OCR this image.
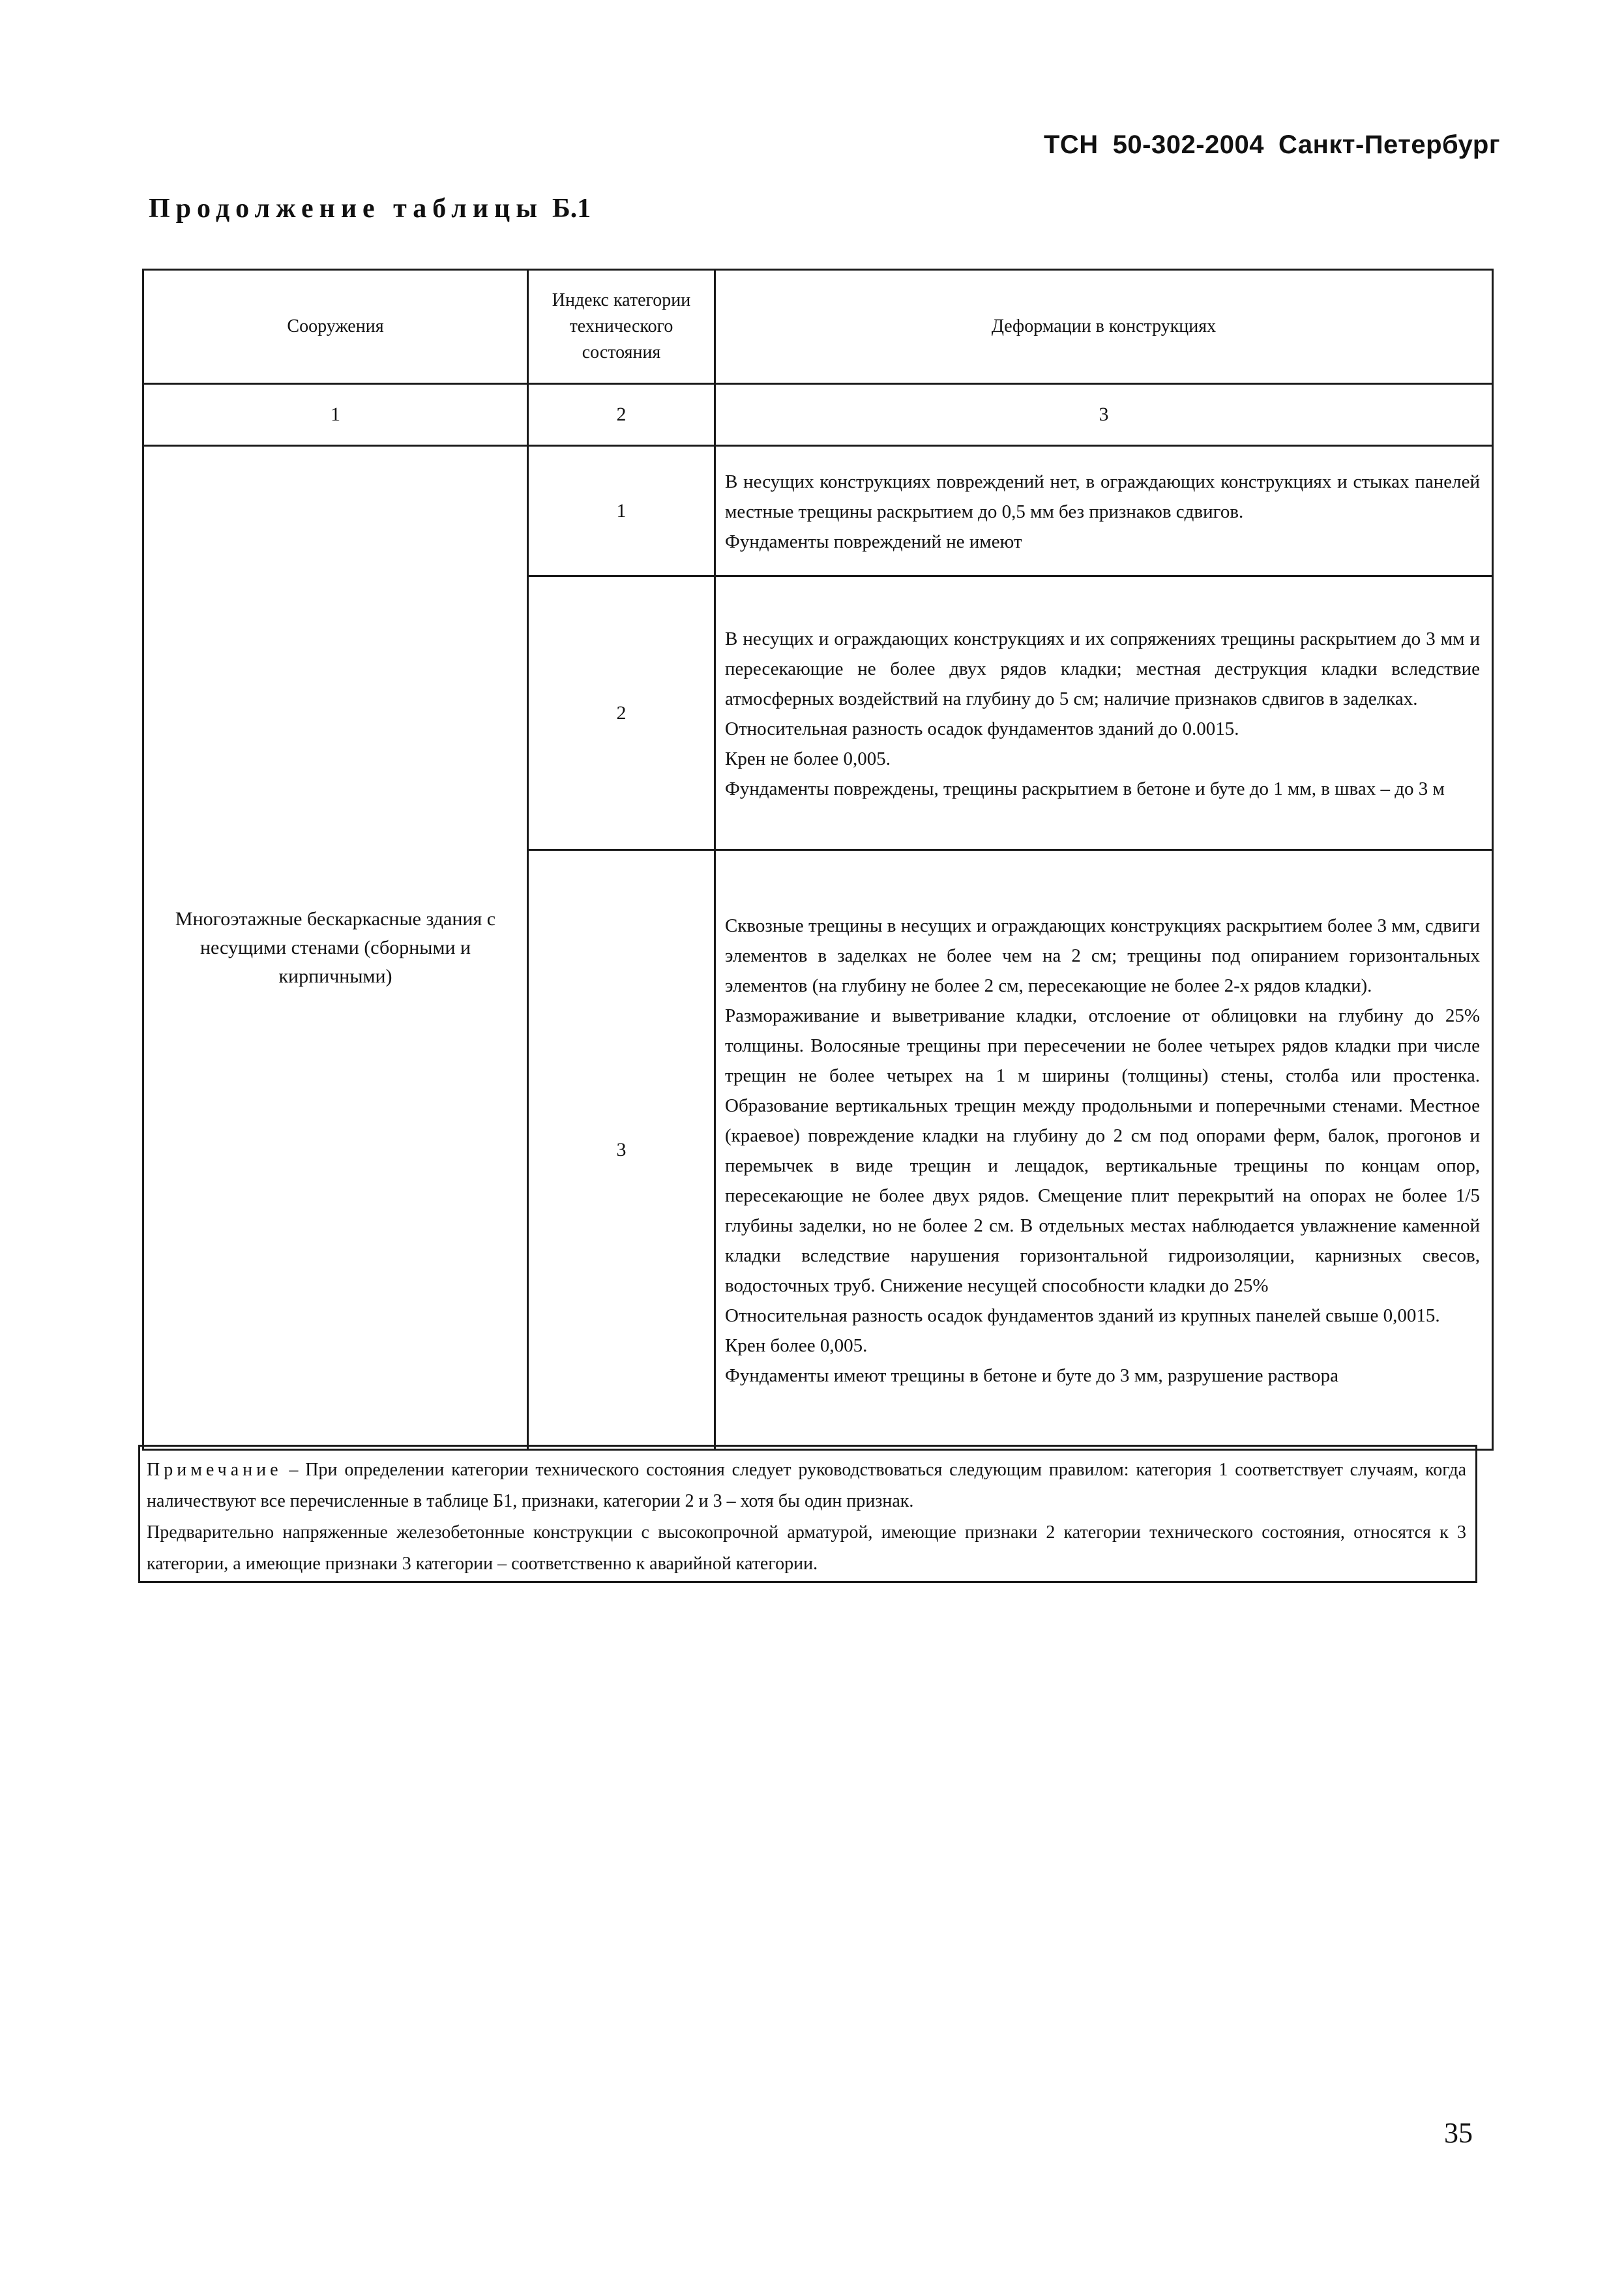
ТСН 50-302-2004 Санкт-Петербург
Продолжение таблицы Б.1
Сооружения	Индекс категории технического состояния	Деформации в конструкциях
1	2	3
Многоэтажные бескаркасные здания с несущими стенами (сборными и кирпичными)	1	В несущих конструкциях повреждений нет, в ограждающих конструкциях и стыках панелей местные трещины раскрытием до 0,5 мм без признаков сдвигов.

Фундаменты повреждений не имеют

	2	В несущих и ограждающих конструкциях и их сопряжениях трещины раскрытием до 3 мм и пересекающие не более двух рядов кладки; местная деструкция кладки вследствие атмосферных воздействий на глубину до 5 см; наличие признаков сдвигов в заделках.

Относительная разность осадок фундаментов зданий до 0.0015.

Крен не более 0,005.

Фундаменты повреждены, трещины раскрытием в бетоне и буте до 1 мм, в швах – до 3 м

	3	Сквозные трещины в несущих и ограждающих конструкциях раскрытием более 3 мм, сдвиги элементов в заделках не более чем на 2 см; трещины под опиранием горизонтальных элементов (на глубину не более 2 см, пересекающие не более 2-х рядов кладки).

Размораживание и выветривание кладки, отслоение от облицовки на глубину до 25% толщины. Волосяные трещины при пересечении не более четырех рядов кладки при числе трещин не более четырех на 1 м ширины (толщины) стены, столба или простенка. Образование вертикальных трещин между продольными и поперечными стенами. Местное (краевое) повреждение кладки на глубину до 2 см под опорами ферм, балок, прогонов и перемычек в виде трещин и лещадок, вертикальные трещины по концам опор, пересекающие не более двух рядов. Смещение плит перекрытий на опорах не более 1/5 глубины заделки, но не более 2 см. В отдельных местах наблюдается увлажнение каменной кладки вследствие нарушения горизонтальной гидроизоляции, карнизных свесов, водосточных труб. Снижение несущей способности кладки до 25%

Относительная разность осадок фундаментов зданий из крупных панелей свыше 0,0015.

Крен более 0,005.

Фундаменты имеют трещины в бетоне и буте до 3 мм, разрушение раствора

Примечание – При определении категории технического состояния следует руководствоваться следующим правилом: категория 1 соответствует случаям, когда наличествуют все перечисленные в таблице Б1, признаки, категории 2 и 3 – хотя бы один признак.

Предварительно напряженные железобетонные конструкции с высокопрочной арматурой, имеющие признаки 2 категории технического состояния, относятся к 3 категории, а имеющие признаки 3 категории – соответственно к аварийной категории.

35
